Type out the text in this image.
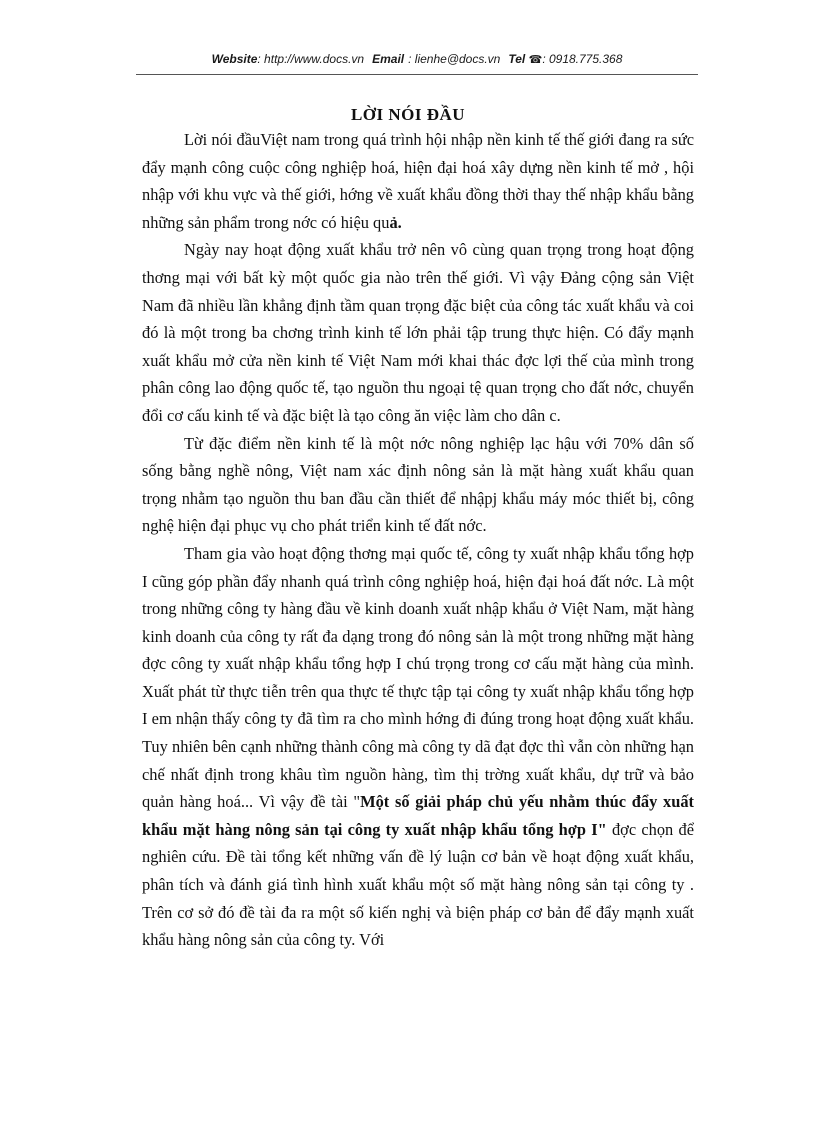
Website: http://www.docs.vn Email : lienhe@docs.vn Tel ☎: 0918.775.368
LỜI NÓI ĐẦU

Lời nói đầuViệt nam trong quá trình hội nhập nền kinh tế thế giới đang ra sức đẩy mạnh công cuộc công nghiệp hoá, hiện đại hoá xây dựng nền kinh tế mở , hội nhập với khu vực và thế giới, hớng về xuất khẩu đồng thời thay thế nhập khẩu bằng những sản phẩm trong nớc có hiệu quả.

Ngày nay hoạt động xuất khẩu trở nên vô cùng quan trọng trong hoạt động thơng mại với bất kỳ một quốc gia nào trên thế giới. Vì vậy Đảng cộng sản Việt Nam đã nhiều lần khẳng định tầm quan trọng đặc biệt của công tác xuất khẩu và coi đó là một trong ba chơng trình kinh tế lớn phải tập trung thực hiện. Có đẩy mạnh xuất khẩu mở cửa nền kinh tế Việt Nam mới khai thác đợc lợi thế của mình trong phân công lao động quốc tế, tạo nguồn thu ngoại tệ quan trọng cho đất nớc, chuyển đổi cơ cấu kinh tế và đặc biệt là tạo công ăn việc làm cho dân c.

Từ đặc điểm nền kinh tế là một nớc nông nghiệp lạc hậu với 70% dân số sống bằng nghề nông, Việt nam xác định nông sản là mặt hàng xuất khẩu quan trọng nhằm tạo nguồn thu ban đầu cần thiết để nhậpj khẩu máy móc thiết bị, công nghệ hiện đại phục vụ cho phát triển kinh tế đất nớc.

Tham gia vào hoạt động thơng mại quốc tế, công ty xuất nhập khẩu tổng hợp I cũng góp phần đẩy nhanh quá trình công nghiệp hoá, hiện đại hoá đất nớc. Là một trong những công ty hàng đầu về kinh doanh xuất nhập khẩu ở Việt Nam, mặt hàng kinh doanh của công ty rất đa dạng trong đó nông sản là một trong những mặt hàng đợc công ty xuất nhập khẩu tổng hợp I chú trọng trong cơ cấu mặt hàng của mình. Xuất phát từ thực tiễn trên qua thực tế thực tập tại công ty xuất nhập khẩu tổng hợp I em nhận thấy công ty đã tìm ra cho mình hớng đi đúng trong hoạt động xuất khẩu. Tuy nhiên bên cạnh những thành công mà công ty dã đạt đợc thì vẫn còn những hạn chế nhất định trong khâu tìm nguồn hàng, tìm thị trờng xuất khẩu, dự trữ và bảo quản hàng hoá... Vì vậy đề tài "Một số giải pháp chủ yếu nhằm thúc đẩy xuất khẩu mặt hàng nông sản tại công ty xuất nhập khẩu tổng hợp I" đợc chọn để nghiên cứu. Đề tài tổng kết những vấn đề lý luận cơ bản về hoạt động xuất khẩu, phân tích và đánh giá tình hình xuất khẩu một số mặt hàng nông sản tại công ty . Trên cơ sở đó đề tài đa ra một số kiến nghị và biện pháp cơ bản để đẩy mạnh xuất khẩu hàng nông sản của công ty. Với
